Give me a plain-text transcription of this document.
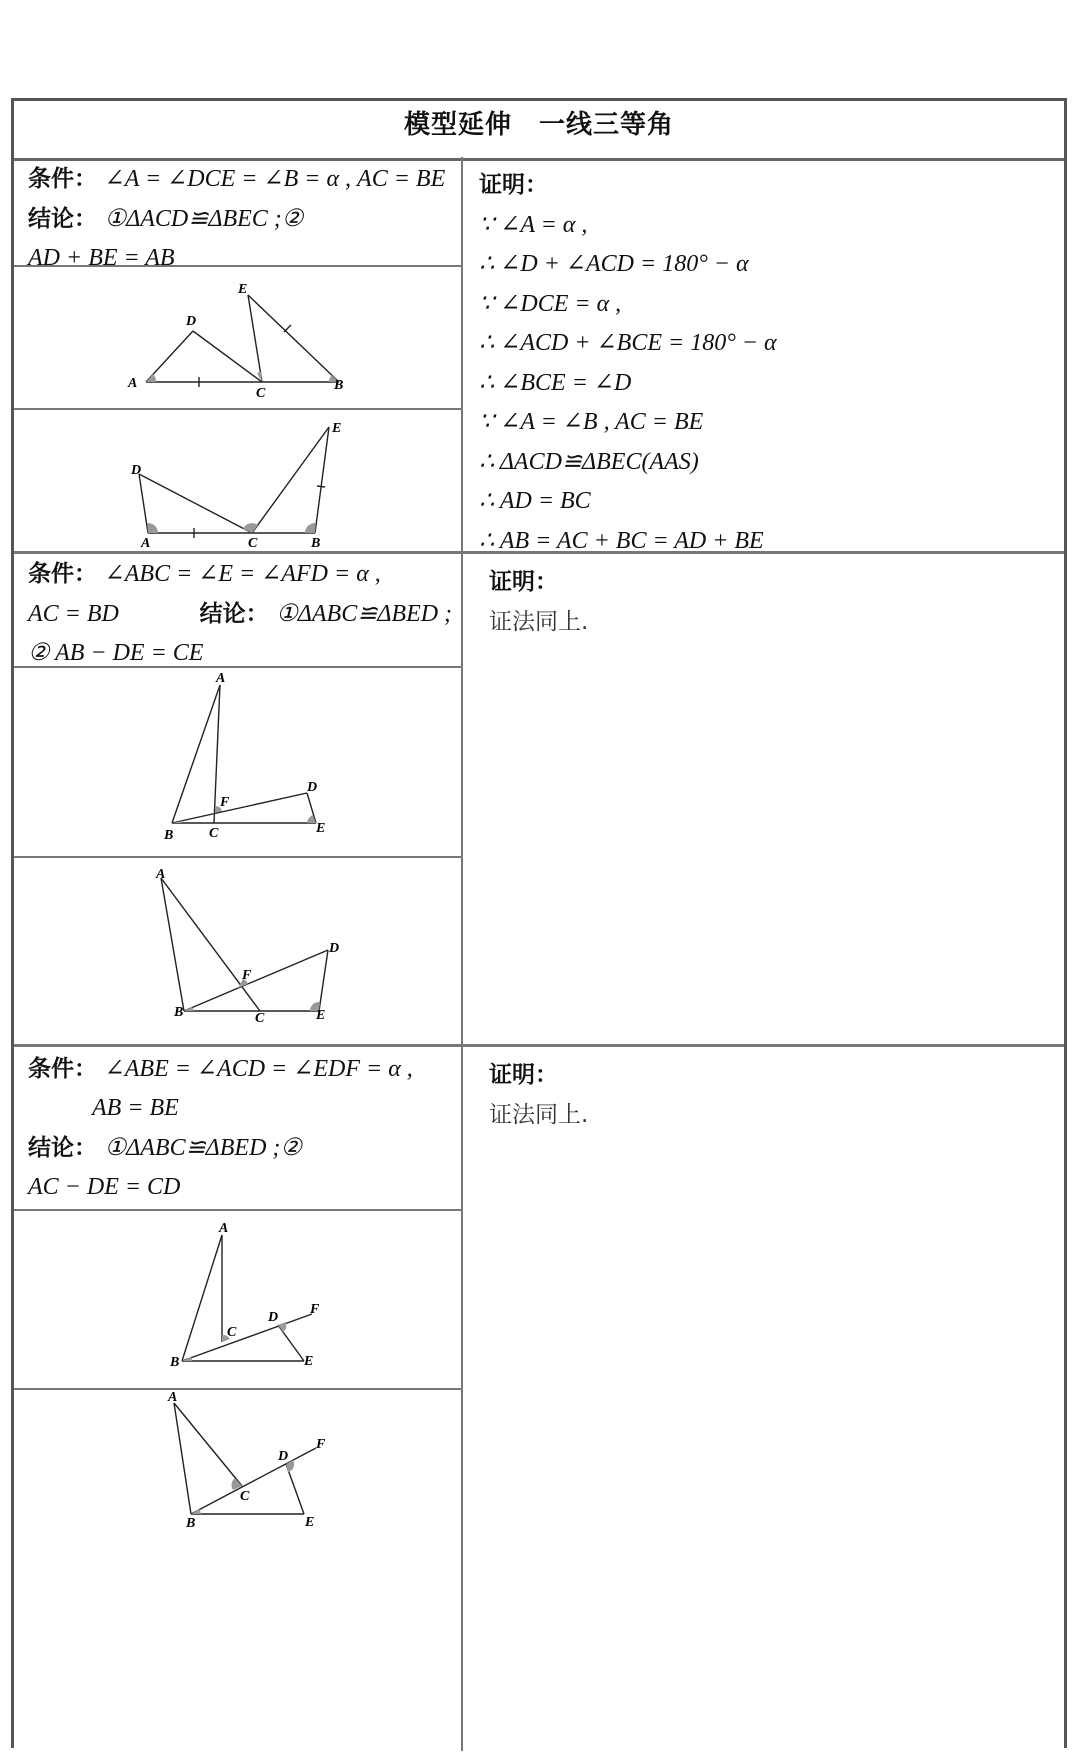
模型延伸　一线三等角
条件： ∠A = ∠DCE = ∠B = α , AC = BE
结论： ①ΔACD≌ΔBEC ;②
AD + BE = AB
A
D
E
C
B
D
E
A	C	B
证明：
∵ ∠A = α ,
∴ ∠D + ∠ACD = 180° − α
∵ ∠DCE = α ,
∴ ∠ACD + ∠BCE = 180° − α
∴ ∠BCE = ∠D
∵ ∠A = ∠B , AC = BE
∴ ΔACD≌ΔBEC(AAS)
∴ AD = BC
∴ AB = AC + BC = AD + BE
条件： ∠ABC = ∠E = ∠AFD = α ,
AC = BD	结论： ①ΔABC≌ΔBED ;
② AB − DE = CE
A
F
D
B	C	E
A
F
D
B	C	E
证明：
证法同上.
条件： ∠ABE = ∠ACD = ∠EDF = α ,
AB = BE
结论： ①ΔABC≌ΔBED ;②
AC − DE = CD
A
C
D
F
B	E
A
C
D
F
B	E
证明：
证法同上.
